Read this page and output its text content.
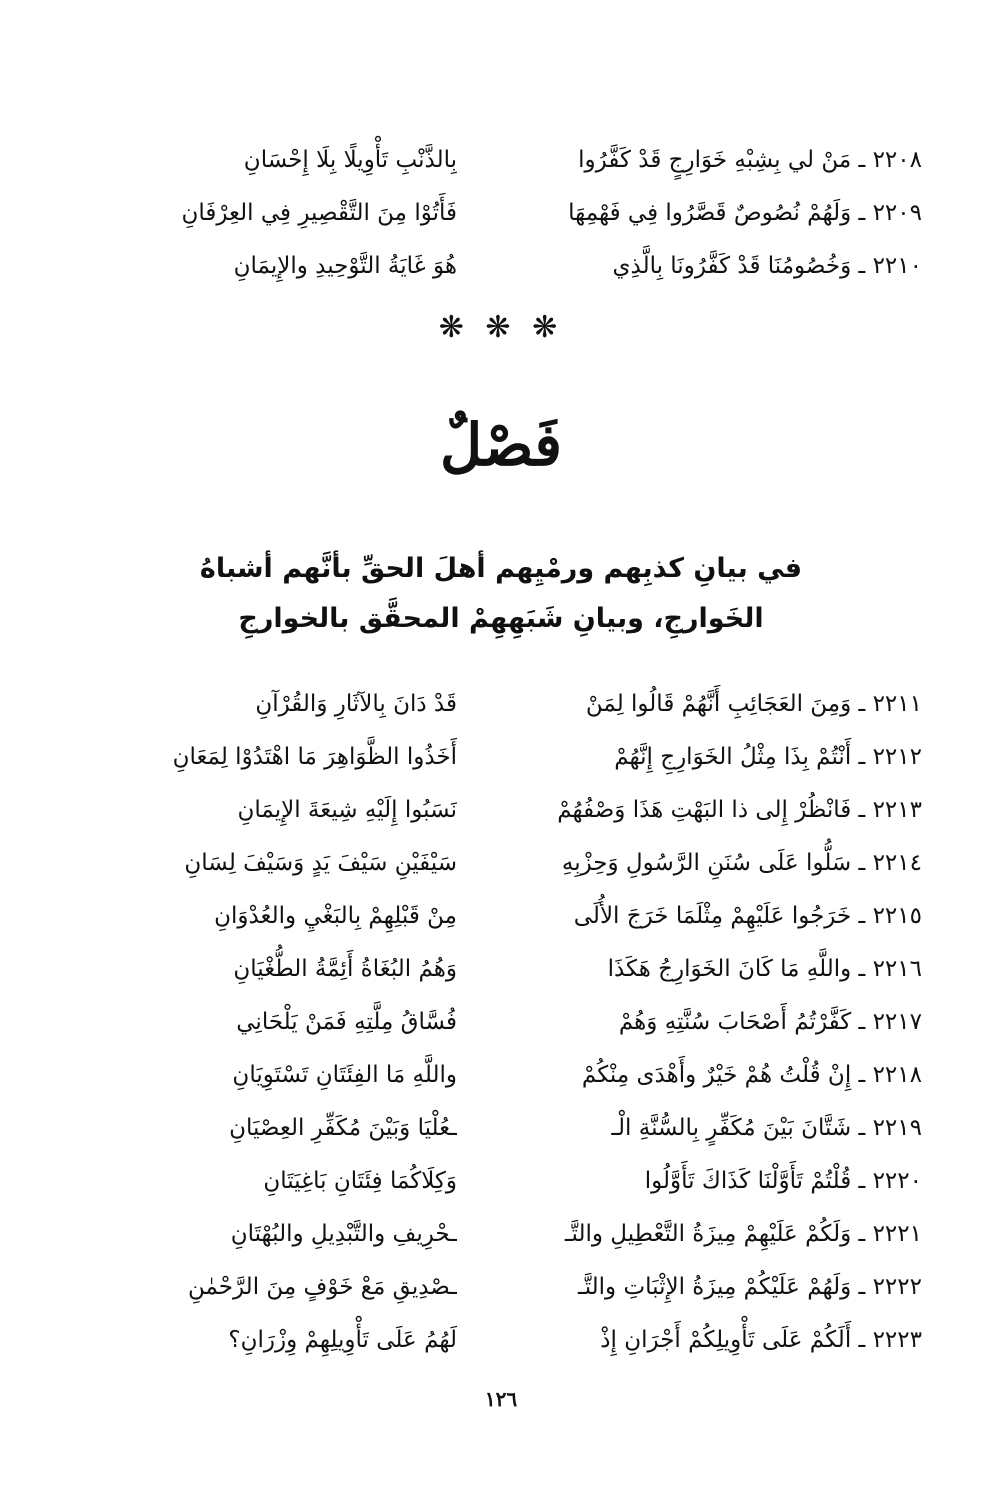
٢٢٠٨ ـ مَنْ لي بِشِبْهِ خَوَارِجٍ قَدْ كَفَّرُوا
بِالذَّنْبِ تَأْوِيلًا بِلَا إِحْسَانِ
٢٢٠٩ ـ وَلَهُمْ نُصُوصٌ قَصَّرُوا فِي فَهْمِهَا
فَأَتُوْا مِنَ التَّقْصِيرِ فِي العِرْفَانِ
٢٢١٠ ـ وَخُصُومُنَا قَدْ كَفَّرُونَا بِالَّذِي
هُوَ غَايَةُ التَّوْحِيدِ والإِيمَانِ
❋ ❋ ❋
فَصْلٌ
في بيانِ كذبِهم ورمْيِهم أهلَ الحقِّ بأنَّهم أشباهُ
الخَوارجِ، وبيانِ شَبَهِهِمْ المحقَّق بالخوارجِ
٢٢١١ ـ وَمِنَ العَجَائِبِ أَنَّهُمْ قَالُوا لِمَنْ
قَدْ دَانَ بِالآثَارِ وَالقُرْآنِ
٢٢١٢ ـ أَنْتُمْ بِذَا مِثْلُ الخَوَارِجِ إِنَّهُمْ
أَخَذُوا الظَّوَاهِرَ مَا اهْتَدُوْا لِمَعَانِ
٢٢١٣ ـ فَانْظُرْ إِلى ذا البَهْتِ هَذَا وَصْفُهُمْ
نَسَبُوا إِلَيْهِ شِيعَةَ الإِيمَانِ
٢٢١٤ ـ سَلُّوا عَلَى سُنَنِ الرَّسُولِ وَحِزْبِهِ
سَيْفَيْنِ سَيْفَ يَدٍ وَسَيْفَ لِسَانِ
٢٢١٥ ـ خَرَجُوا عَلَيْهِمْ مِثْلَمَا خَرَجَ الأُلَى
مِنْ قَبْلِهِمْ بِالبَغْيِ والعُدْوَانِ
٢٢١٦ ـ واللَّهِ مَا كَانَ الخَوَارِجُ هَكَذَا
وَهُمُ البُغَاةُ أَئِمَّةُ الطُّغْيَانِ
٢٢١٧ ـ كَفَّرْتُمُ أَصْحَابَ سُنَّتِهِ وَهُمْ
فُسَّاقُ مِلَّتِهِ فَمَنْ يَلْحَانِي
٢٢١٨ ـ إِنْ قُلْتُ هُمْ خَيْرٌ وأَهْدَى مِنْكُمْ
واللَّهِ مَا الفِئَتَانِ تَسْتَوِيَانِ
٢٢١٩ ـ شَتَّانَ بَيْنَ مُكَفِّرٍ بِالسُّنَّةِ الْـ
ـعُلْيَا وَبَيْنَ مُكَفِّرِ العِصْيَانِ
٢٢٢٠ ـ قُلْتُمْ تَأَوَّلْنَا كَذَاكَ تَأَوَّلُوا
وَكِلَاكُمَا فِئَتَانِ بَاغِيَتَانِ
٢٢٢١ ـ وَلَكُمْ عَلَيْهِمْ مِيزَةُ التَّعْطِيلِ والتَّـ
ـحْرِيفِ والتَّبْدِيلِ والبُهْتَانِ
٢٢٢٢ ـ وَلَهُمْ عَلَيْكُمْ مِيزَةُ الإِثْبَاتِ والتَّـ
ـصْدِيقِ مَعْ خَوْفٍ مِنَ الرَّحْمٰنِ
٢٢٢٣ ـ أَلَكُمْ عَلَى تَأْوِيلِكُمْ أَجْرَانِ إِذْ
لَهُمُ عَلَى تَأْوِيلِهِمْ وِزْرَانِ؟
١٢٦
